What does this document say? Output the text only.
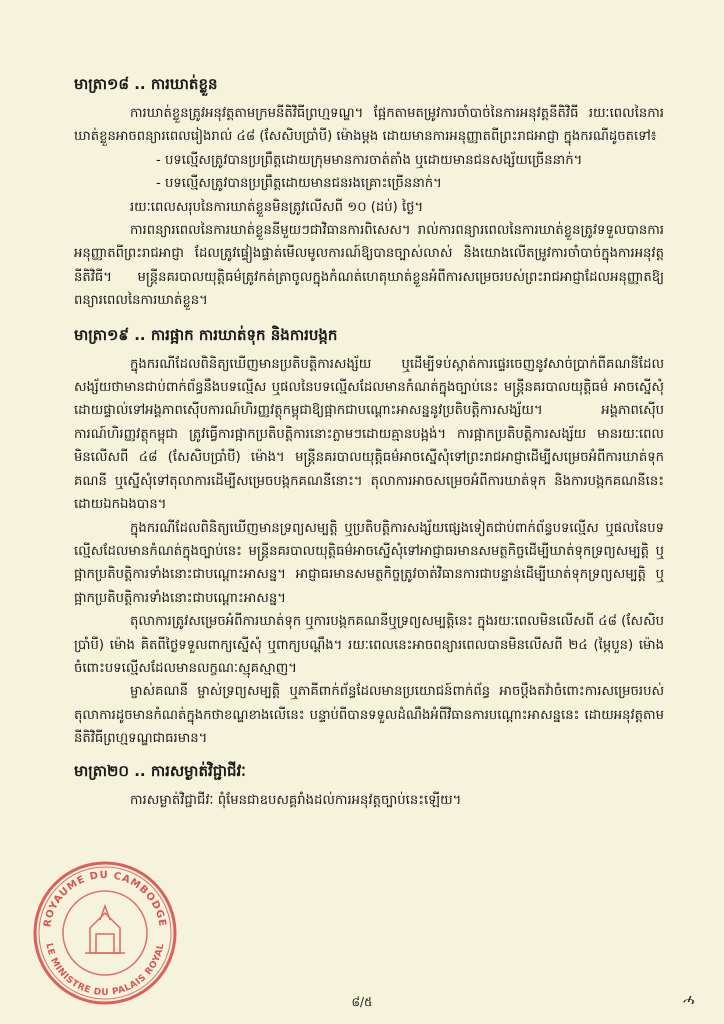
មាត្រា១៨ .. ការឃាត់ខ្លួន

ការឃាត់ខ្លួនត្រូវអនុវត្តតាមក្រមនីតិវិធីព្រហ្មទណ្ឌ។ ផ្អែកតាមតម្រូវការចាំបាច់នៃការអនុវត្តនីតិវិធី រយៈពេលនៃការឃាត់ខ្លួនអាចពន្យារពេលរៀងរាល់ ៤៨ (សែសិបប្រាំបី) ម៉ោងម្តង ដោយមានការអនុញ្ញាតពីព្រះរាជអាជ្ញា ក្នុងករណីដូចតទៅ៖

- បទល្មើសត្រូវបានប្រព្រឹត្តដោយក្រុមមានការចាត់តាំង ឬដោយមានជនសង្ស័យច្រើននាក់។

- បទល្មើសត្រូវបានប្រព្រឹត្តដោយមានជនរងគ្រោះច្រើននាក់។

រយៈពេលសរុបនៃការឃាត់ខ្លួនមិនត្រូវលើសពី ១០ (ដប់) ថ្ងៃ។

ការពន្យារពេលនៃការឃាត់ខ្លួននីមួយៗជាវិធានការពិសេស។ រាល់ការពន្យារពេលនៃការឃាត់ខ្លួនត្រូវទទួលបានការអនុញ្ញាតពីព្រះរាជអាជ្ញា ដែលត្រូវផ្ទៀងផ្ទាត់មើលមូលការណ៍ឱ្យបានច្បាស់លាស់ និងយោងលើតម្រូវការចាំបាច់ក្នុងការអនុវត្តនីតិវិធី។ មន្ត្រីនគរបាលយុត្តិធម៌ត្រូវកត់ត្រាចូលក្នុងកំណត់ហេតុឃាត់ខ្លួនអំពីការសម្រេចរបស់ព្រះរាជអាជ្ញាដែលអនុញ្ញាតឱ្យពន្យារពេលនៃការឃាត់ខ្លួន។

មាត្រា១៩ .. ការផ្អាក ការឃាត់ទុក និងការបង្កក

ក្នុងករណីដែលពិនិត្យឃើញមានប្រតិបត្តិការសង្ស័យ ឬដើម្បីទប់ស្កាត់ការផ្ទេរចេញនូវសាច់ប្រាក់ពីគណនីដែលសង្ស័យថាមានជាប់ពាក់ព័ន្ធនឹងបទល្មើស ឬផលនៃបទល្មើសដែលមានកំណត់ក្នុងច្បាប់នេះ មន្ត្រីនគរបាលយុត្តិធម៌ អាចស្នើសុំដោយផ្ទាល់ទៅអង្គភាពស៊ើបការណ៍ហិរញ្ញវត្ថុកម្ពុជាឱ្យផ្អាកជាបណ្តោះអាសន្ននូវប្រតិបត្តិការសង្ស័យ។ អង្គភាពស៊ើបការណ៍ហិរញ្ញវត្ថុកម្ពុជា ត្រូវធ្វើការផ្អាកប្រតិបត្តិការនោះភ្លាមៗដោយគ្មានបង្អង់។ ការផ្អាកប្រតិបត្តិការសង្ស័យ មានរយៈពេលមិនលើសពី ៤៨ (សែសិបប្រាំបី) ម៉ោង។ មន្ត្រីនគរបាលយុត្តិធម៌អាចស្នើសុំទៅព្រះរាជអាជ្ញាដើម្បីសម្រេចអំពីការឃាត់ទុកគណនី ឬស្នើសុំទៅតុលាការដើម្បីសម្រេចបង្កកគណនីនោះ។ តុលាការអាចសម្រេចអំពីការឃាត់ទុក និងការបង្កកគណនីនេះដោយឯកឯងបាន។

ក្នុងករណីដែលពិនិត្យឃើញមានទ្រព្យសម្បត្តិ ឬប្រតិបត្តិការសង្ស័យផ្សេងទៀតជាប់ពាក់ព័ន្ធបទល្មើស ឬផលនៃបទល្មើសដែលមានកំណត់ក្នុងច្បាប់នេះ មន្ត្រីនគរបាលយុត្តិធម៌អាចស្នើសុំទៅអាជ្ញាធរមានសមត្ថកិច្ចដើម្បីឃាត់ទុកទ្រព្យសម្បត្តិ ឬផ្អាកប្រតិបត្តិការទាំងនោះជាបណ្តោះអាសន្ន។ អាជ្ញាធរមានសមត្ថកិច្ចត្រូវចាត់វិធានការជាបន្ទាន់ដើម្បីឃាត់ទុកទ្រព្យសម្បត្តិ ឬផ្អាកប្រតិបត្តិការទាំងនោះជាបណ្តោះអាសន្ន។

តុលាការត្រូវសម្រេចអំពីការឃាត់ទុក ឬការបង្កកគណនីឬទ្រព្យសម្បត្តិនេះ ក្នុងរយៈពេលមិនលើសពី ៤៨ (សែសិបប្រាំបី) ម៉ោង គិតពីថ្ងៃទទួលពាក្យស្នើសុំ ឬពាក្យបណ្តឹង។ រយៈពេលនេះអាចពន្យារពេលបានមិនលើសពី ២៤ (ម្ភៃបួន) ម៉ោង ចំពោះបទល្មើសដែលមានលក្ខណៈស្មុគស្មាញ។

ម្ចាស់គណនី ម្ចាស់ទ្រព្យសម្បត្តិ ឬភាគីពាក់ព័ន្ធដែលមានប្រយោជន៍ពាក់ព័ន្ធ អាចប្តឹងតវ៉ាចំពោះការសម្រេចរបស់តុលាការដូចមានកំណត់ក្នុងកថាខណ្ឌខាងលើនេះ បន្ទាប់ពីបានទទួលដំណឹងអំពីវិធានការបណ្តោះអាសន្ននេះ ដោយអនុវត្តតាមនីតិវិធីព្រហ្មទណ្ឌជាធរមាន។

មាត្រា២០ .. ការសម្ងាត់វិជ្ជាជីវៈ

ការសម្ងាត់វិជ្ជាជីវៈ ពុំមែនជាឧបសគ្គរាំងដល់ការអនុវត្តច្បាប់នេះឡើយ។

ROYAUME DU CAMBODGE
LE MINISTRE DU PALAIS ROYAL
៨/៥	ሓ
